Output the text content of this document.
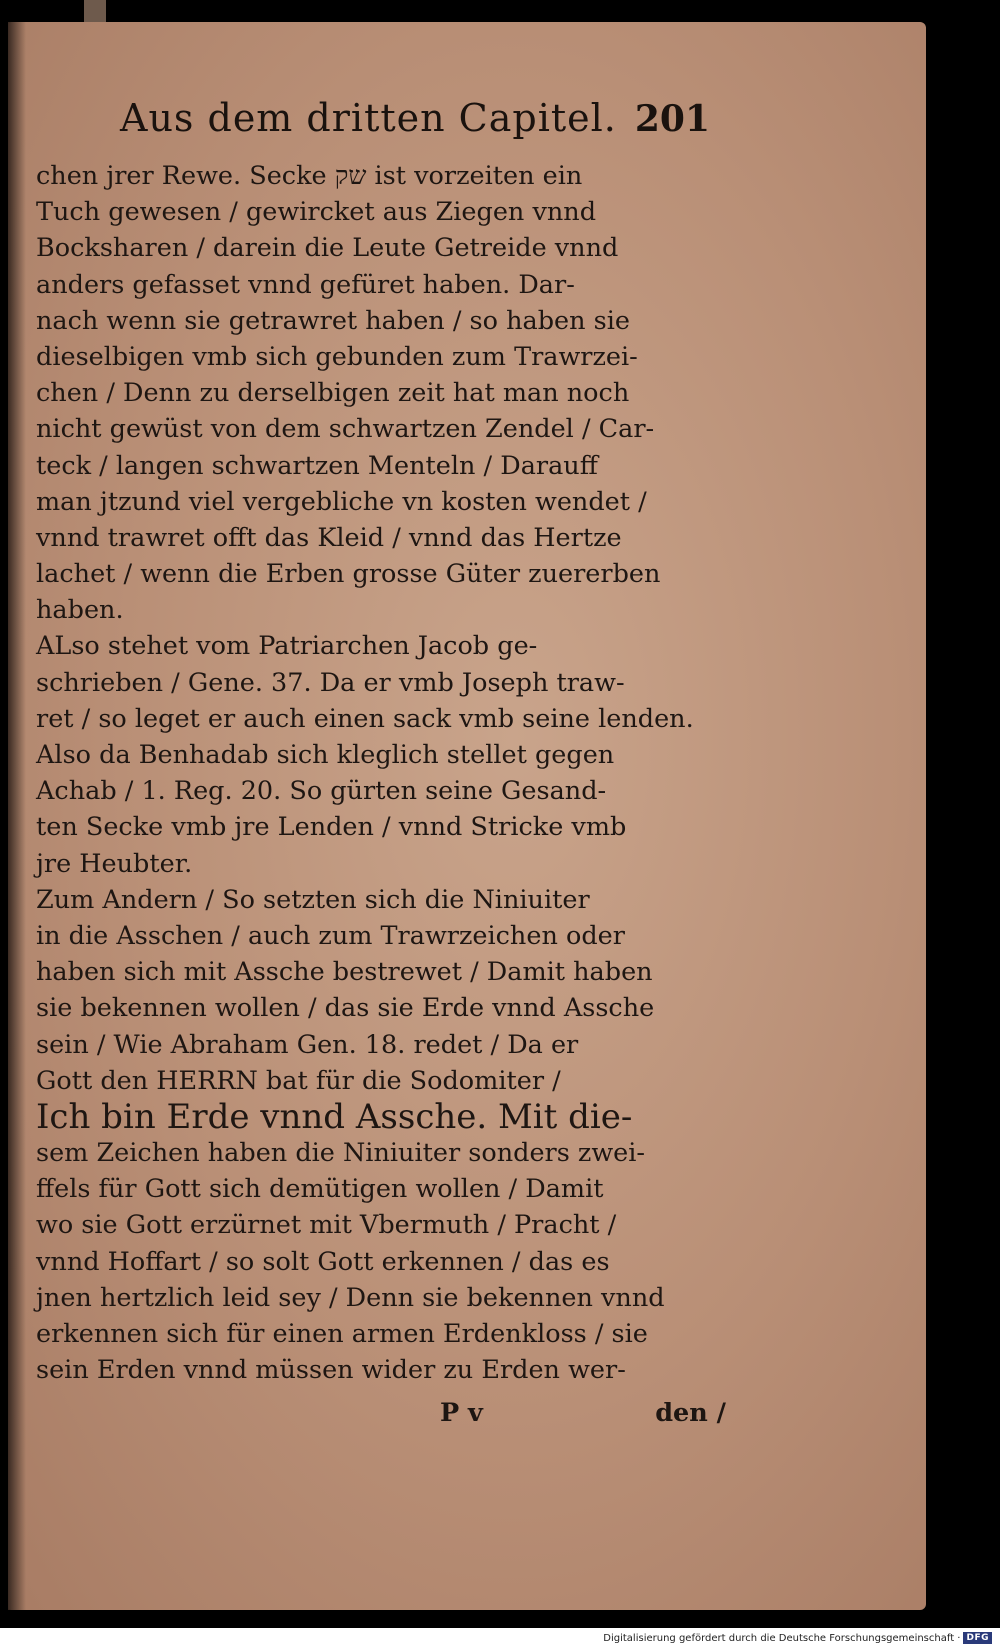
Aus dem dritten Capitel. 201
chen jrer Rewe. Secke שק ist vorzeiten ein
Tuch gewesen / gewircket aus Ziegen vnnd
Bocksharen / darein die Leute Getreide vnnd
anders gefasset vnnd gefüret haben. Dar-
nach wenn sie getrawret haben / so haben sie
dieselbigen vmb sich gebunden zum Trawrzei-
chen / Denn zu derselbigen zeit hat man noch
nicht gewüst von dem schwartzen Zendel / Car-
teck / langen schwartzen Menteln / Darauff
man jtzund viel vergebliche vn kosten wendet /
vnnd trawret offt das Kleid / vnnd das Hertze
lachet / wenn die Erben grosse Güter zuererben
haben.
ALso stehet vom Patriarchen Jacob ge-
schrieben / Gene. 37. Da er vmb Joseph traw-
ret / so leget er auch einen sack vmb seine lenden.
Also da Benhadab sich kleglich stellet gegen
Achab / 1. Reg. 20. So gürten seine Gesand-
ten Secke vmb jre Lenden / vnnd Stricke vmb
jre Heubter.
Zum Andern / So setzten sich die Niniuiter
in die Asschen / auch zum Trawrzeichen oder
haben sich mit Assche bestrewet / Damit haben
sie bekennen wollen / das sie Erde vnnd Assche
sein / Wie Abraham Gen. 18. redet / Da er
Gott den HERRN bat für die Sodomiter /
Ich bin Erde vnnd Assche. Mit die-
sem Zeichen haben die Niniuiter sonders zwei-
ffels für Gott sich demütigen wollen / Damit
wo sie Gott erzürnet mit Vbermuth / Pracht /
vnnd Hoffart / so solt Gott erkennen / das es
jnen hertzlich leid sey / Denn sie bekennen vnnd
erkennen sich für einen armen Erdenkloss / sie
sein Erden vnnd müssen wider zu Erden wer-
P v	den /
Digitalisierung gefördert durch die Deutsche Forschungsgemeinschaft · DFG
